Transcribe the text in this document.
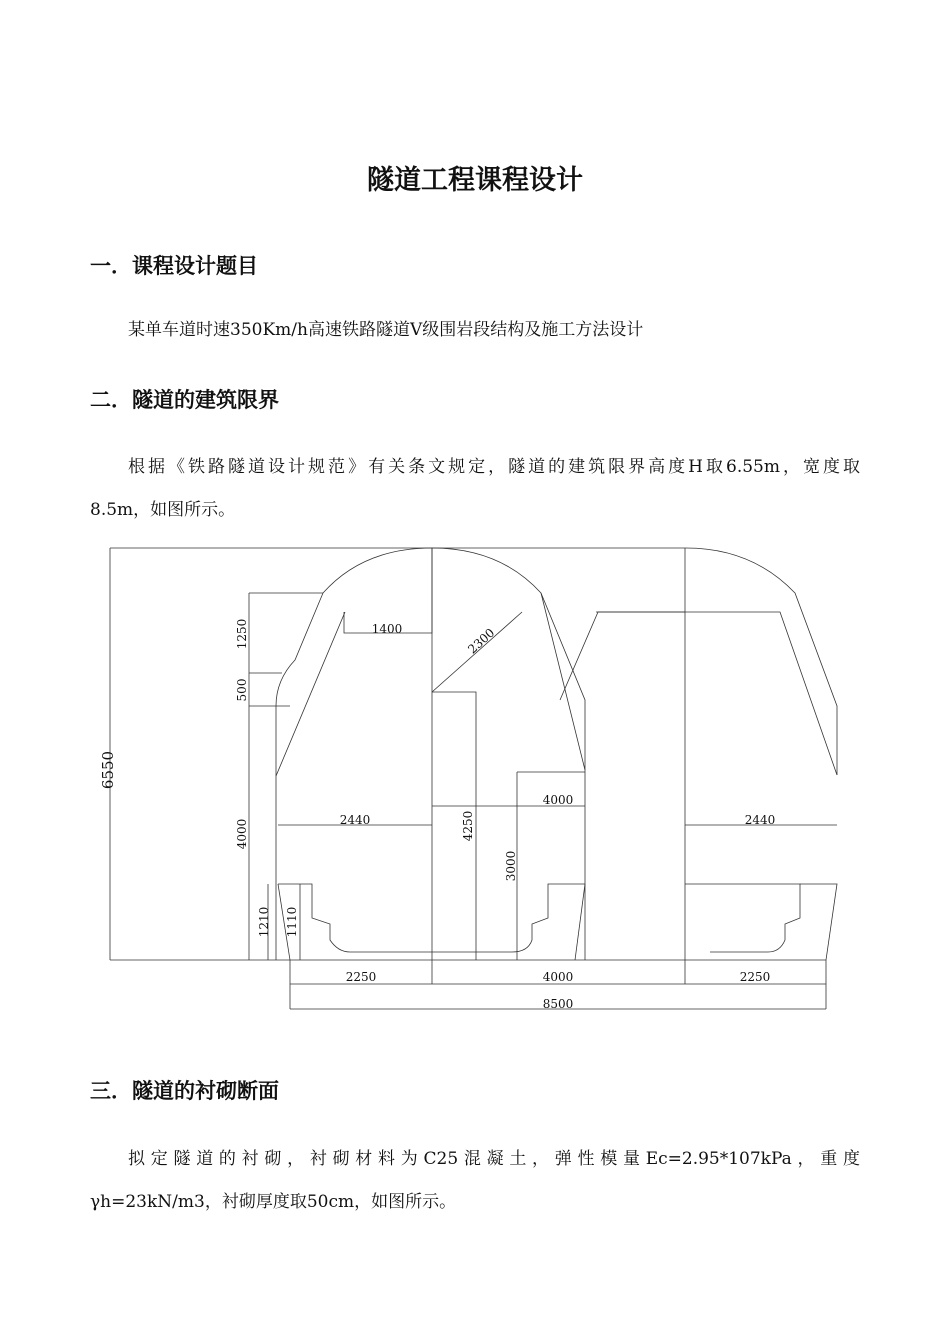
隧道工程课程设计
一．课程设计题目
某单车道时速350Km/h高速铁路隧道Ⅴ级围岩段结构及施工方法设计
二．隧道的建筑限界
根据《铁路隧道设计规范》有关条文规定，隧道的建筑限界高度H取6.55m，宽度取
8.5m，如图所示。
6550
1250
500
4000
1210 1110
1400	2300
4250
3000
4000
2440	2440
2250	4000	2250
8500
三．隧道的衬砌断面
拟定隧道的衬砌，衬砌材料为C25混凝土，弹性模量Ec=2.95*107kPa，重度
γh=23kN/m3，衬砌厚度取50cm，如图所示。
